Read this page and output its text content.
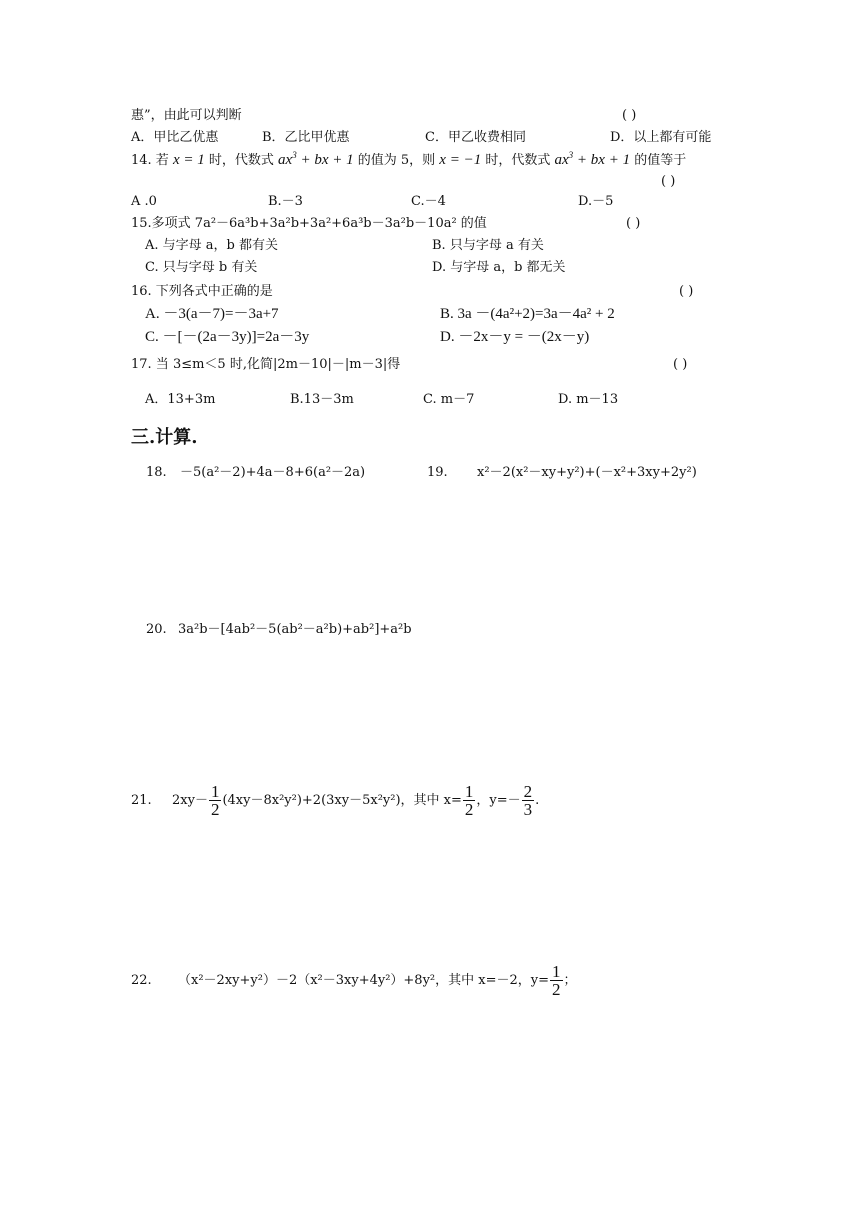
惠”，由此可以判断	( )
A．甲比乙优惠	B．乙比甲优惠	C．甲乙收费相同	D．以上都有可能
14. 若 x = 1 时，代数式 $ax^3$ + bx + 1 的值为 5，则 x = −1 时，代数式 $ax^3$ + bx + 1 的值等于
( )
A .0	B.－3	C.－4	D.－5
15.多项式 7a²－6a³b+3a²b+3a²+6a³b－3a²b－10a² 的值	( )
A. 与字母 a，b 都有关	B. 只与字母 a 有关
C. 只与字母 b 有关	D. 与字母 a，b 都无关
16. 下列各式中正确的是	( )
A. －3(a－7)=－3a+7	B. 3a －(4a²+2)=3a－4a² + 2
C. －[－(2a－3y)]=2a－3y	D. －2x－y = －(2x－y)
17. 当 3≤m＜5 时,化简|2m－10|－|m－3|得	( )
A．13+3m	B.13－3m	C. m－7	D. m－13
三.计算.
18. －5(a²－2)+4a－8+6(a²－2a)	19. x²－2(x²－xy+y²)+(－x²+3xy+2y²)
20. 3a²b－[4ab²－5(ab²－a²b)+ab²]+a²b
21. $2xy- \frac{1}{2} (4xy-8x^2y^2)+2(3xy-5x^2y^2)$，其中 $x= \frac{1}{2}$ ，$y=- \frac{2}{3}$ .
22. （x²－2xy+y²）－2（x²－3xy+4y²）+8y²，其中 x=－2，$y= \frac{1}{2}$ ；
